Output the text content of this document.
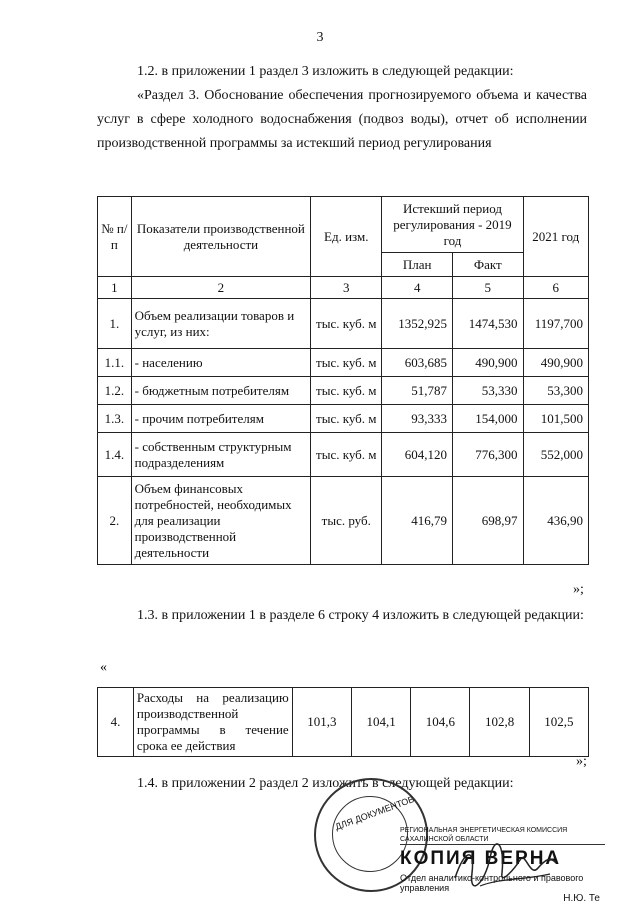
3
1.2. в приложении 1 раздел 3 изложить в следующей редакции:
«Раздел 3. Обоснование обеспечения прогнозируемого объема и качества услуг в сфере холодного водоснабжения (подвоз воды), отчет об исполнении производственной программы за истекший период регулирования
№ п/п	Показатели производственной деятельности	Ед. изм.	Истекший период регулирования - 2019 год		2021 год
			План	Факт	
1	2	3	4	5	6
1.	Объем реализации товаров и услуг, из них:	тыс. куб. м	1352,925	1474,530	1197,700
1.1.	- населению	тыс. куб. м	603,685	490,900	490,900
1.2.	- бюджетным потребителям	тыс. куб. м	51,787	53,330	53,300
1.3.	- прочим потребителям	тыс. куб. м	93,333	154,000	101,500
1.4.	- собственным структурным подразделениям	тыс. куб. м	604,120	776,300	552,000
2.	Объем финансовых потребностей, необходимых для реализации производственной деятельности	тыс. руб.	416,79	698,97	436,90
»;
1.3. в приложении 1 в разделе 6 строку 4 изложить в следующей редакции:
«
4.	Расходы на реализацию производственной программы в течение срока ее действия	101,3	104,1	104,6	102,8	102,5
»;
1.4. в приложении 2 раздел 2 изложить в следующей редакции:
ДЛЯ ДОКУМЕНТОВ
РЕГИОНАЛЬНАЯ ЭНЕРГЕТИЧЕСКАЯ КОМИССИЯ САХАЛИНСКОЙ ОБЛАСТИ
КОПИЯ ВЕРНА
Отдел аналитико-контрольного и правового управления
Н.Ю. Те
